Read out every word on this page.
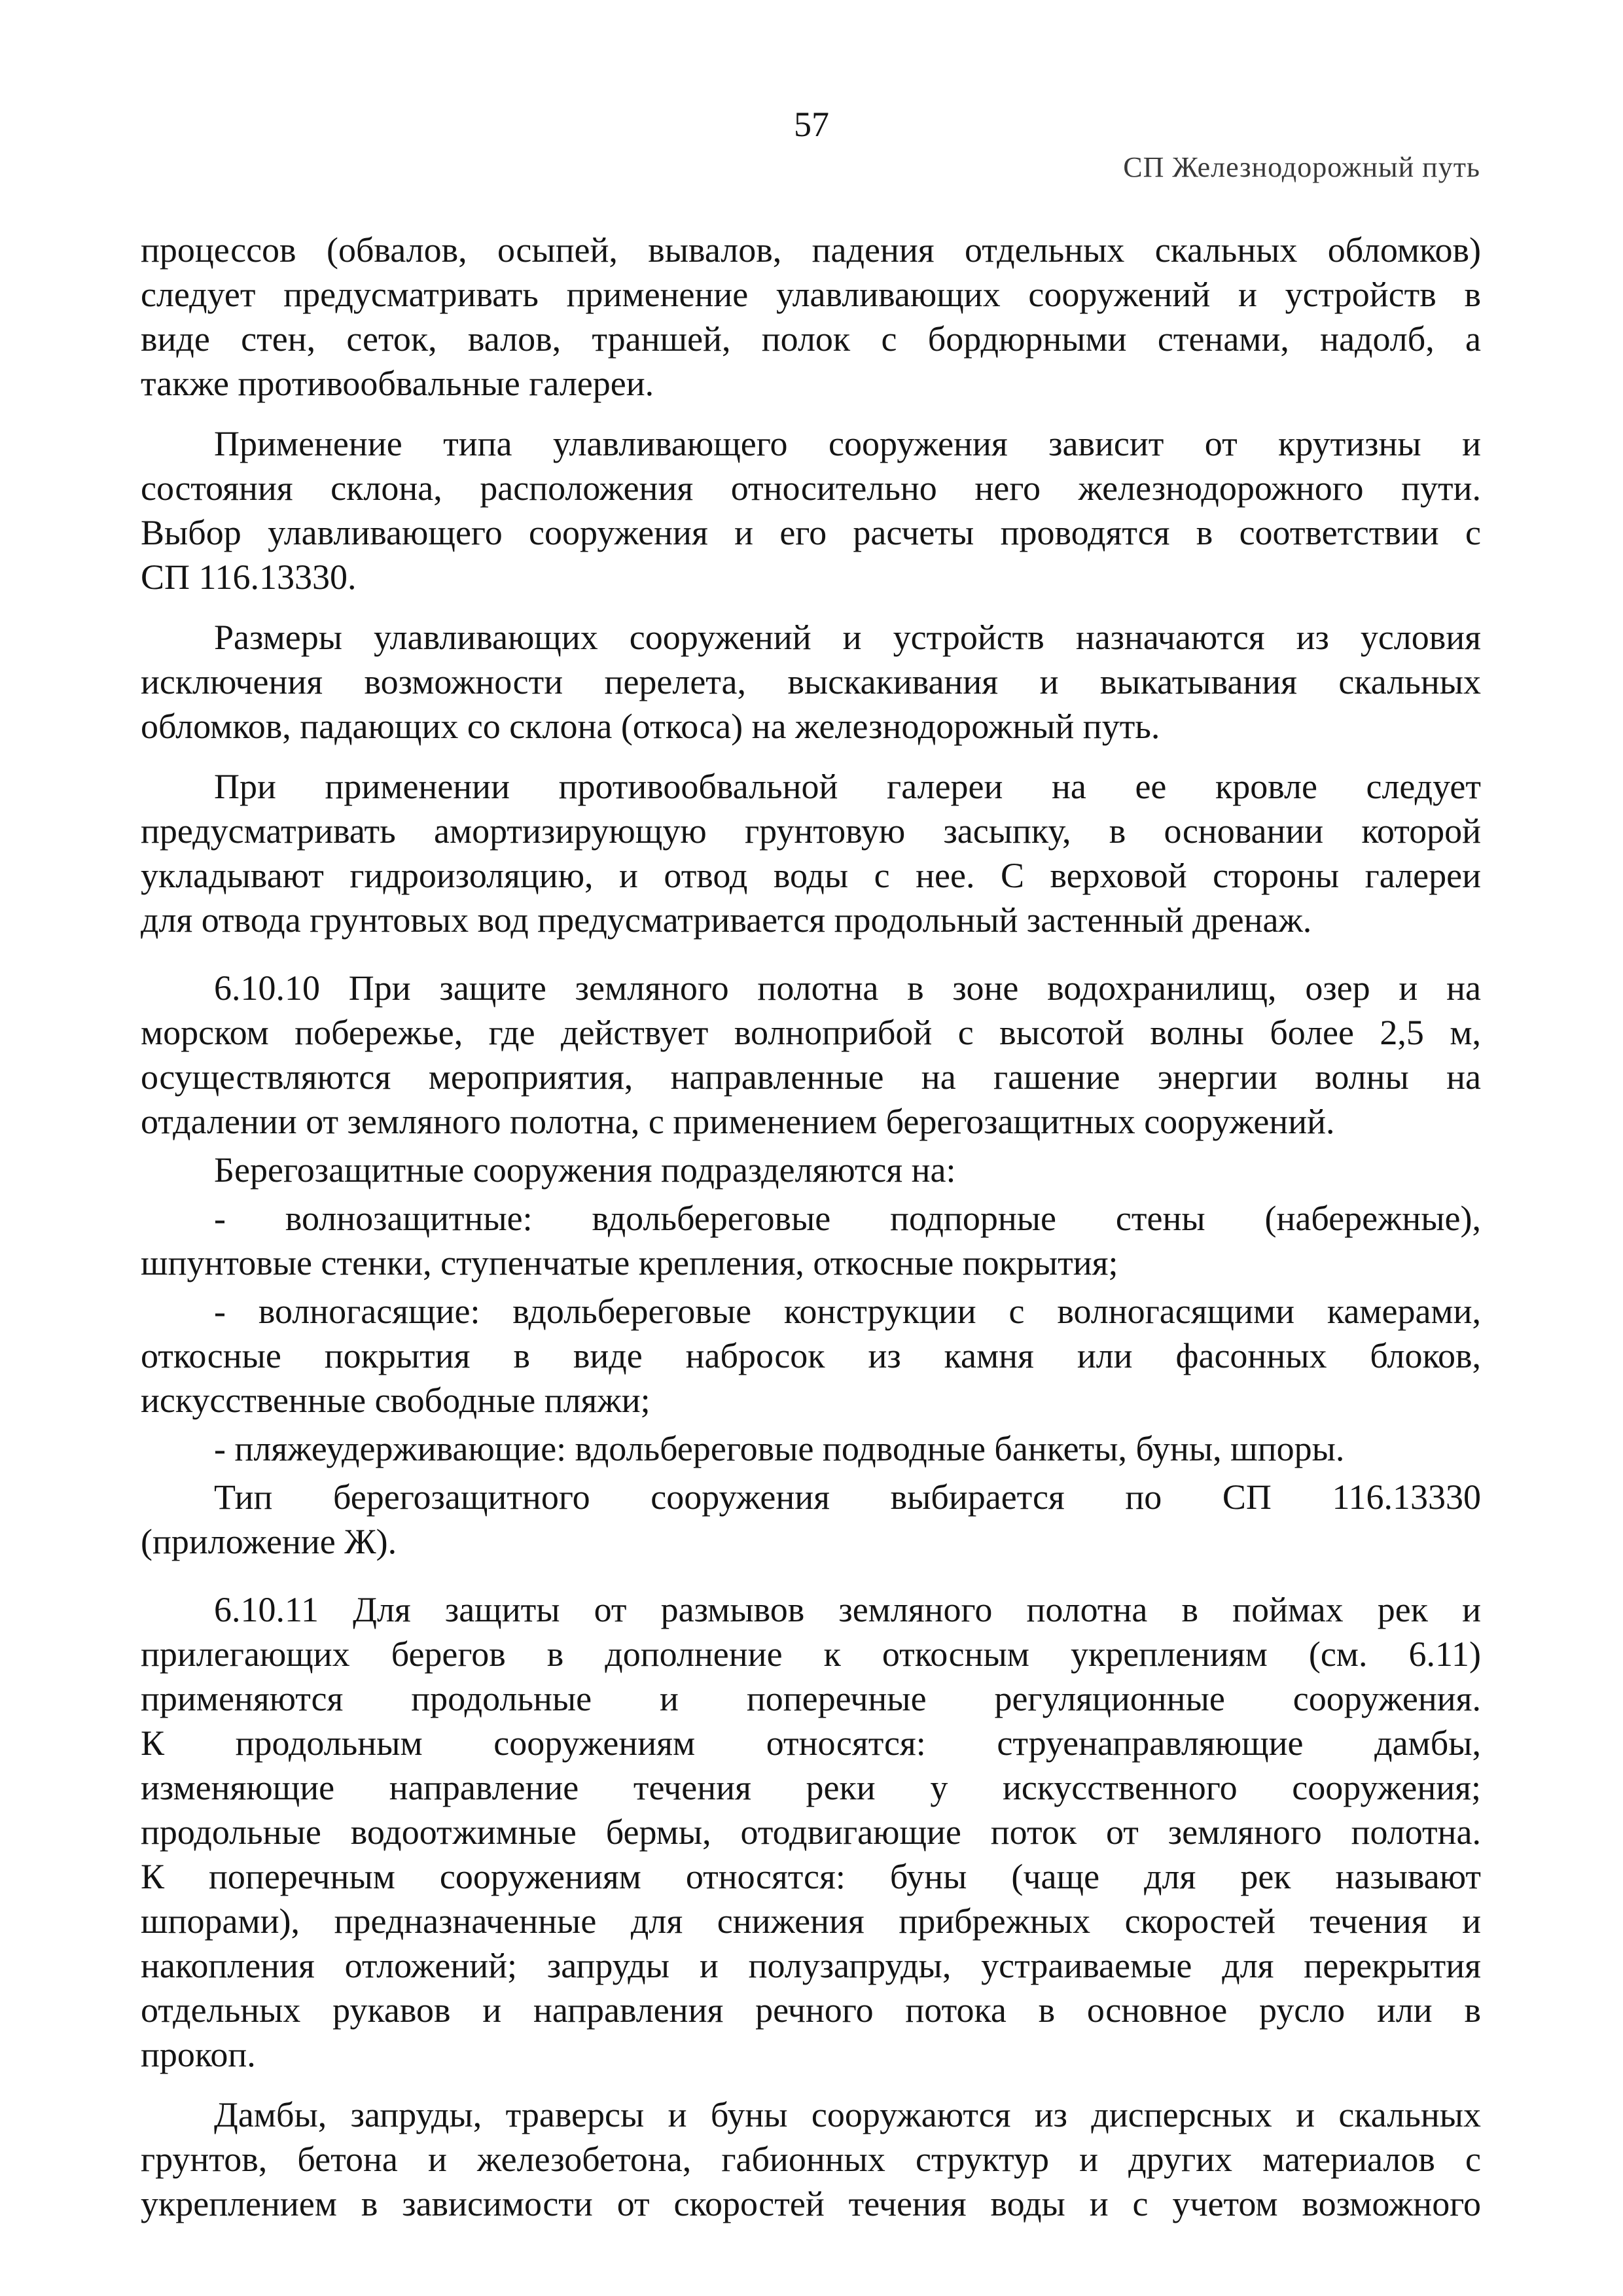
57
СП Железнодорожный путь

процессов (обвалов, осыпей, вывалов, падения отдельных скальных обломков)
следует предусматривать применение улавливающих сооружений и устройств в
виде стен, сеток, валов, траншей, полок с бордюрными стенами, надолб, а
также противообвальные галереи.

Применение типа улавливающего сооружения зависит от крутизны и
состояния склона, расположения относительно него железнодорожного пути.
Выбор улавливающего сооружения и его расчеты проводятся в соответствии с
СП 116.13330.

Размеры улавливающих сооружений и устройств назначаются из условия
исключения возможности перелета, выскакивания и выкатывания скальных
обломков, падающих со склона (откоса) на железнодорожный путь.

При применении противообвальной галереи на ее кровле следует
предусматривать амортизирующую грунтовую засыпку, в основании которой
укладывают гидроизоляцию, и отвод воды с нее. С верховой стороны галереи
для отвода грунтовых вод предусматривается продольный застенный дренаж.

6.10.10 При защите земляного полотна в зоне водохранилищ, озер и на
морском побережье, где действует волноприбой с высотой волны более 2,5 м,
осуществляются мероприятия, направленные на гашение энергии волны на
отдалении от земляного полотна, с применением берегозащитных сооружений.

Берегозащитные сооружения подразделяются на:

- волнозащитные: вдольбереговые подпорные стены (набережные),
шпунтовые стенки, ступенчатые крепления, откосные покрытия;

- волногасящие: вдольбереговые конструкции с волногасящими камерами,
откосные покрытия в виде набросок из камня или фасонных блоков,
искусственные свободные пляжи;

- пляжеудерживающие: вдольбереговые подводные банкеты, буны, шпоры.

Тип берегозащитного сооружения выбирается по СП 116.13330
(приложение Ж).

6.10.11 Для защиты от размывов земляного полотна в поймах рек и
прилегающих берегов в дополнение к откосным укреплениям (см. 6.11)
применяются продольные и поперечные регуляционные сооружения.
К продольным сооружениям относятся: струенаправляющие дамбы,
изменяющие направление течения реки у искусственного сооружения;
продольные водоотжимные бермы, отодвигающие поток от земляного полотна.
К поперечным сооружениям относятся: буны (чаще для рек называют
шпорами), предназначенные для снижения прибрежных скоростей течения и
накопления отложений; запруды и полузапруды, устраиваемые для перекрытия
отдельных рукавов и направления речного потока в основное русло или в
прокоп.

Дамбы, запруды, траверсы и буны сооружаются из дисперсных и скальных
грунтов, бетона и железобетона, габионных структур и других материалов с
укреплением в зависимости от скоростей течения воды и с учетом возможного
